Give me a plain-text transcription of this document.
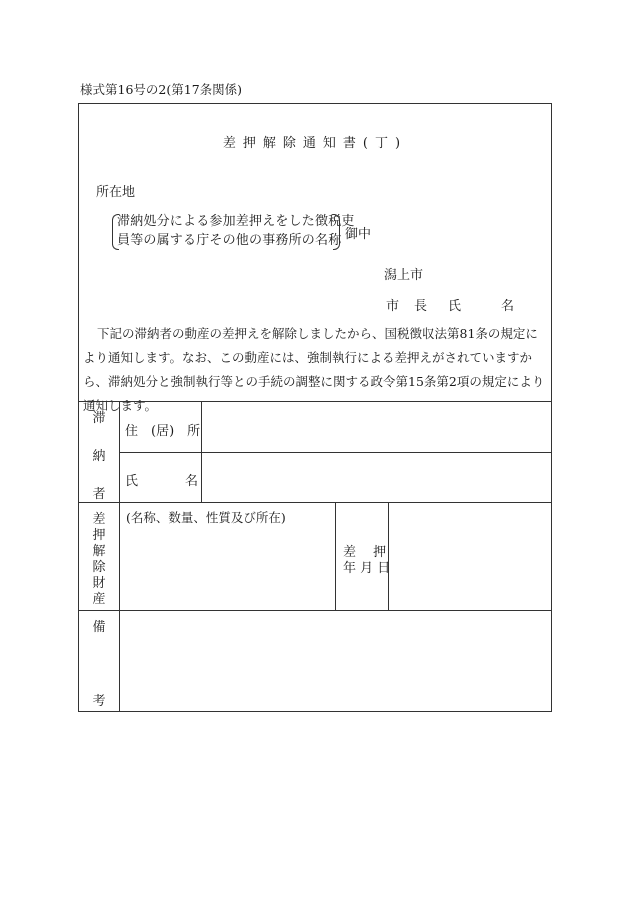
様式第16号の2(第17条関係)
差押解除通知書(丁)
所在地
滞納処分による参加差押えをした徴税吏
員等の属する庁その他の事務所の名称 御中
潟上市
市 長 氏	名
下記の滞納者の動産の差押えを解除しましたから、国税徴収法第81条の規定により通知します。なお、この動産には、強制執行による差押えがされていますから、滞納処分と強制執行等との手続の調整に関する政令第15条第2項の規定により通知します。
滞
納
者
住　(居)　所
氏	名
差
押
解
除
財
産
(名称、数量、性質及び所在)
差　 押
年 月 日
備
考
